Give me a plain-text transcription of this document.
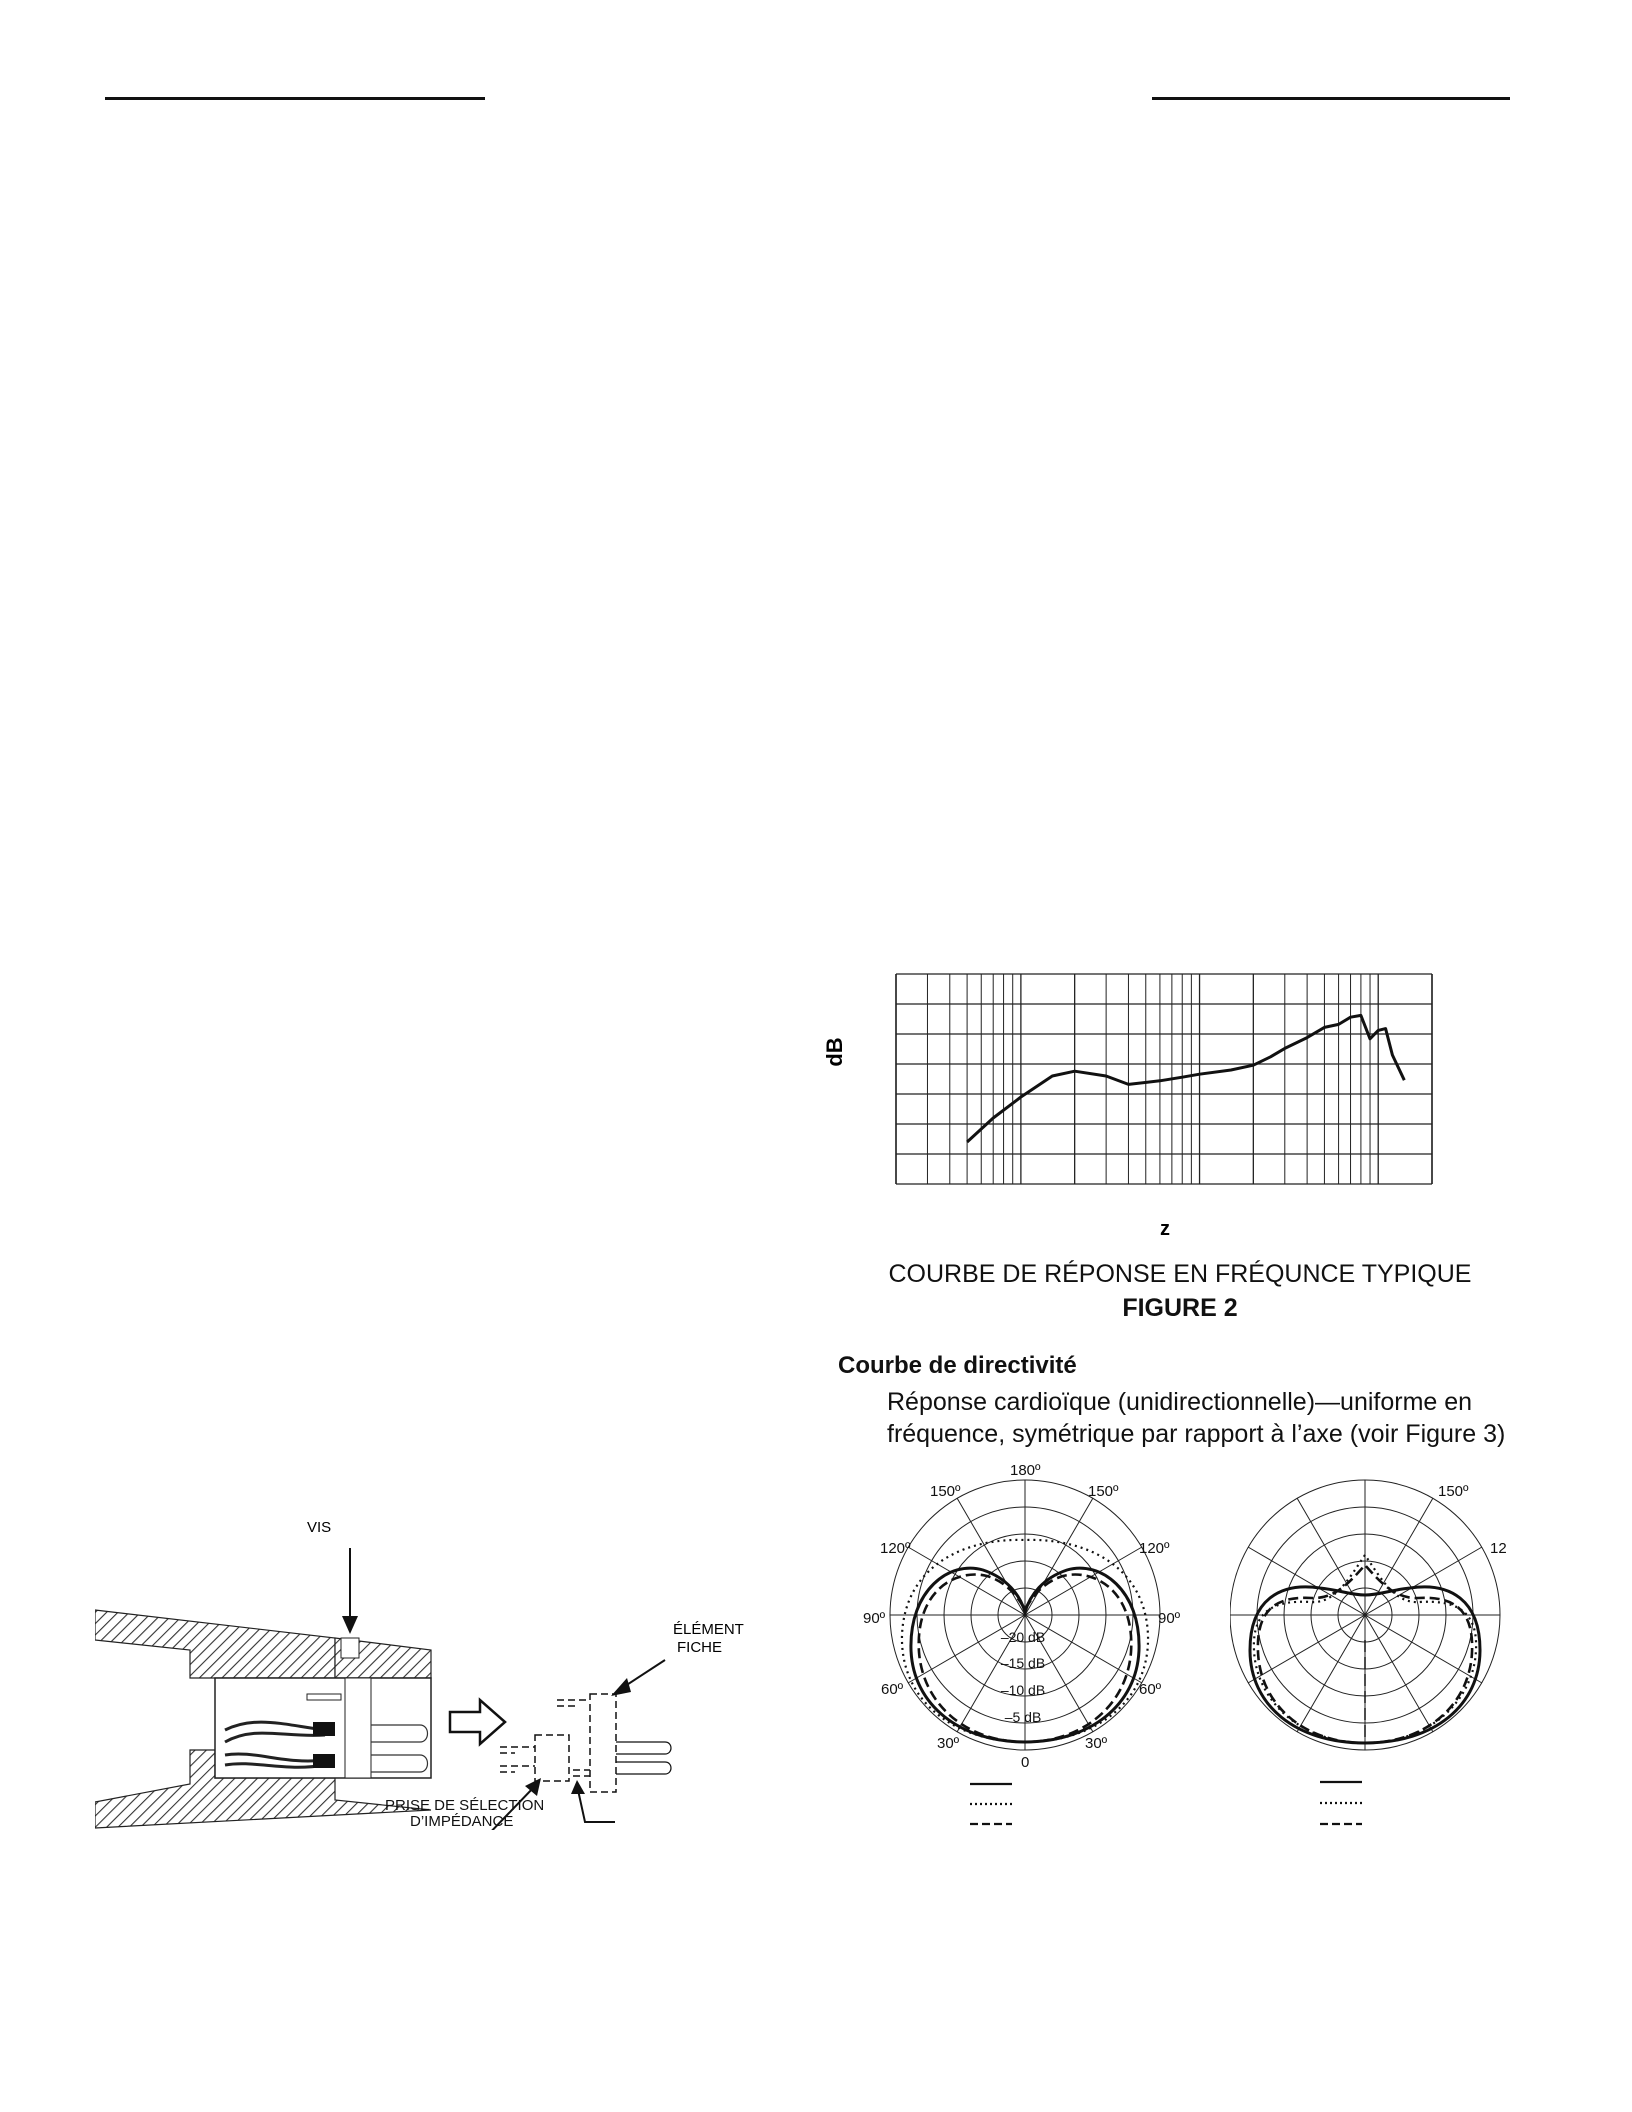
dB
z
COURBE DE RÉPONSE EN FRÉQUNCE TYPIQUE
FIGURE 2
Courbe de directivité
Réponse cardioïque (unidirectionnelle)—uniforme en
fréquence, symétrique par rapport à l’axe (voir Figure 3)
–20 dB
–15 dB
–10 dB
–5 dB
180º
150º	150º
120º	120º
90º	90º
60º	60º
30º	30º
0
150º
12
VIS
ÉLÉMENT
FICHE
PRISE DE SÉLECTION
D’IMPÉDANCE
